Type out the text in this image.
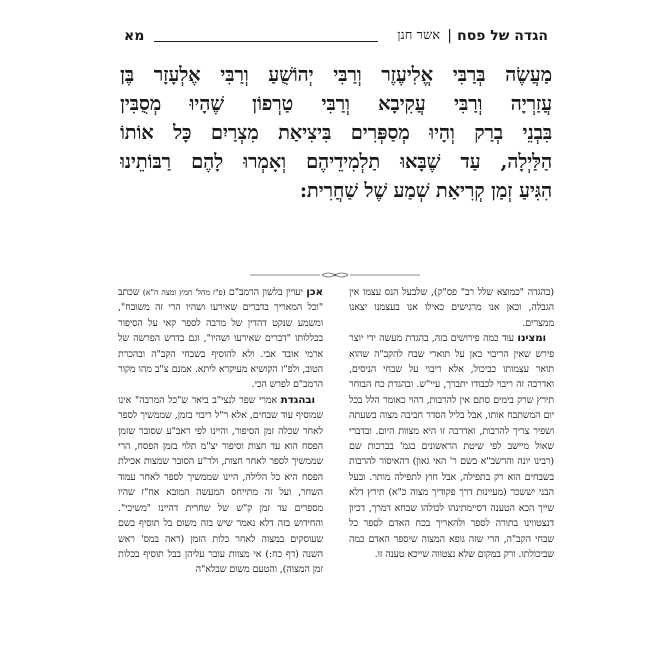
הגדה של פסח
|
אשר חנן
מא
מַעֲשֶׂה בְּרַבִּי אֱלִיעֶזֶר וְרַבִּי יְהוֹשֻׁעַ וְרַבִּי אֶלְעָזָר בֶּן
עֲזַרְיָה וְרַבִּי עֲקִיבָא וְרַבִּי טַרְפוֹן שֶׁהָיוּ מְסֻבִּין
בִּבְנֵי בְרַק וְהָיוּ מְסַפְּרִים בִּיצִיאַת מִצְרַיִם כָּל אוֹתוֹ
הַלַּיְלָה, עַד שֶׁבָּאוּ תַלְמִידֵיהֶם וְאָמְרוּ לָהֶם רַבּוֹתֵינוּ
הִגִּיעַ זְמַן קְרִיאַת שְׁמַע שֶׁל שַׁחֲרִית:

(בהגדה "כמוצא שלל רב" פס"ק), שלבעל הנס עצמו אין הגבלה, וכאן אנו מרגישים כאילו אנו בעצמנו יצאנו ממצרים.

ומצינו עוד כמה פירושים בזה, בהגדת מעשה ידי יוצר פירש שאין הריבוי כאן על תוארי שבח להקב"ה שהוא תואר עצמותו כביכול, אלא ריבוי על שבחי הניסים, ואדרבה זה ריבוי לכבודו יתברך, עיי"ש. ובהגדת כח הבוחר תירץ שרק בימים סתם אין להרבות, דהוי כאומר הלל בכל יום המשתבח אותו, אבל בליל הסדר חביבה מצוה בשעתה ושפיר צריך להרבות, ואדרבה זו היא מצוות היום. ובדברי שאול מיישב לפי שיטת הראשונים בגמ' בברכות שם (רבינו יונה והרשב"א בשם ר' האי גאון) דהאיסור להרבות בשבחים הוא רק בתפילה, אבל חוץ לתפילה מותר. ובעל הבני יששכר (מעיינות דרך פקודיך מצוה כ"א) תירץ דלא שייך הכא הטענה דסיימתינהו לכולהו שבחא דמרך, דכיון דנצטווינו בתורה לספר ולהאריך בכח האדם לספר כל שבחי הקב"ה, הרי שזה גופא המצוה שיספר האדם כמה שביכולתו. ורק במקום שלא נצטווה שייכא טענה זו.

אכן יעויין בלשון הרמב"ם (פ"ז מהל' חמץ ומצה ה"א) שכתב "וכל המאריך בדברים שאירעו ושהיו הרי זה משובח", ומשמע שנקט דהדין של מרבה לספר קאי על הסיפור בכללותו "דברים שאירעו ושהיו", וגם בדרש הפרשה של ארמי אובד אבי. ולא להוסיף בשבחי הקב"ה ובהכרת הטוב, ולפ"ז הקושיא מעיקרא ליתא. אמנם צ"ב מהו מקור הרמב"ם לפרש הכי.

ובהגדת אמרי שפר לנצי"ב ביאר ש"כל המרבה" אינו שמוסיף עוד שבחים, אלא ר"ל ריבוי בזמן, שממשיך לספר לאחר שכלה זמן הסיפור, והיינו לפי ראב"ע שסובר שזמן הפסח הוא עד חצות וסיפור יצ"מ תלוי בזמן הפסח, הרי שממשיך לספר לאחר חצות, ולר"ע הסובר שמצות אכילת הפסח היא כל הלילה, היינו שממשיך לספר לאחר עמוד השחר, ועל זה מתייחס המעשה המובא אח"ז שהיו מספרים עד זמן ק"ש של שחרית דהיינו "משיכי". והחידוש בזה דלא נאמר שיש בזה משום בל תוסיף בשם שעוסקים במצוה לאחר כלות הזמן (ראה במס' ראש השנה (דף כח:) אי מצוות עובר עליהן בבל תוסיף בכלות זמן המצוה), והטעם משום שבלא"ה
